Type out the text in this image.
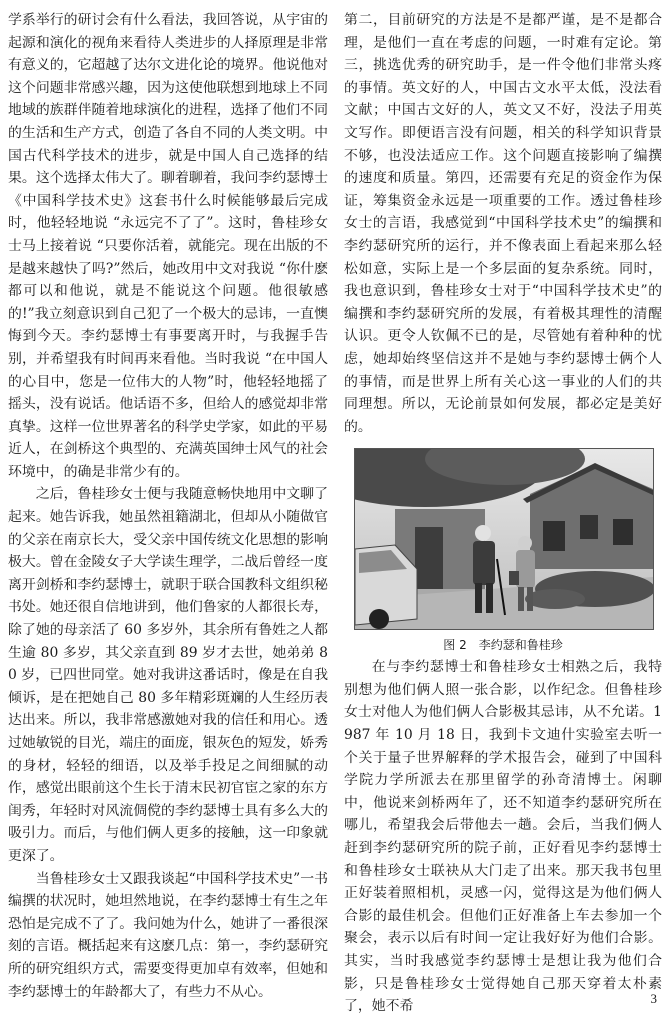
学系举行的研讨会有什么看法，我回答说，从宇宙的起源和演化的视角来看待人类进步的人择原理是非常有意义的，它超越了达尔文进化论的境界。他说他对这个问题非常感兴趣，因为这使他联想到地球上不同地域的族群伴随着地球演化的进程，选择了他们不同的生活和生产方式，创造了各自不同的人类文明。中国古代科学技术的进步，就是中国人自己选择的结果。这个选择太伟大了。聊着聊着，我问李约瑟博士《中国科学技术史》这套书什么时候能够最后完成时，他轻轻地说 “永远完不了了”。这时，鲁桂珍女士马上接着说 “只要你活着，就能完。现在出版的不是越来越快了吗?”然后，她改用中文对我说 “你什麽都可以和他说，就是不能说这个问题。他很敏感的!”我立刻意识到自己犯了一个极大的忌讳，一直懊悔到今天。李约瑟博士有事要离开时，与我握手告别，并希望我有时间再来看他。当时我说 “在中国人的心目中，您是一位伟大的人物”时，他轻轻地摇了摇头，没有说话。他话语不多，但给人的感觉却非常真挚。这样一位世界著名的科学史学家，如此的平易近人，在剑桥这个典型的、充满英国绅士风气的社会环境中，的确是非常少有的。

之后，鲁桂珍女士便与我随意畅快地用中文聊了起来。她告诉我，她虽然祖籍湖北，但却从小随做官的父亲在南京长大，受父亲中国传统文化思想的影响极大。曾在金陵女子大学读生理学，二战后曾经一度离开剑桥和李约瑟博士，就职于联合国教科文组织秘书处。她还很自信地讲到，他们鲁家的人都很长寿，除了她的母亲活了 60 多岁外，其余所有鲁姓之人都生逾 80 多岁，其父亲直到 89 岁才去世，她弟弟 80 岁，已四世同堂。她对我讲这番话时，像是在自我倾诉，是在把她自己 80 多年精彩斑斓的人生经历表达出来。所以，我非常感激她对我的信任和用心。透过她敏锐的目光，端庄的面庞，银灰色的短发，娇秀的身材，轻轻的细语，以及举手投足之间细腻的动作，感觉出眼前这个生长于清末民初官宦之家的东方闺秀，年轻时对风流倜傥的李约瑟博士具有多么大的吸引力。而后，与他们俩人更多的接触，这一印象就更深了。

当鲁桂珍女士又跟我谈起“中国科学技术史”一书编撰的状况时，她坦然地说，在李约瑟博士有生之年恐怕是完成不了了。我问她为什么，她讲了一番很深刻的言语。概括起来有这麽几点：第一，李约瑟研究所的研究组织方式，需要变得更加卓有效率，但她和李约瑟博士的年龄都大了，有些力不从心。

第二，目前研究的方法是不是都严谨，是不是都合理，是他们一直在考虑的问题，一时难有定论。第三，挑选优秀的研究助手，是一件令他们非常头疼的事情。英文好的人，中国古文水平太低，没法看文献；中国古文好的人，英文又不好，没法子用英文写作。即便语言没有问题，相关的科学知识背景不够，也没法适应工作。这个问题直接影响了编撰的速度和质量。第四，还需要有充足的资金作为保证，筹集资金永远是一项重要的工作。透过鲁桂珍女士的言语，我感觉到“中国科学技术史”的编撰和李约瑟研究所的运行，并不像表面上看起来那么轻松如意，实际上是一个多层面的复杂系统。同时，我也意识到，鲁桂珍女士对于“中国科学技术史”的编撰和李约瑟研究所的发展，有着极其理性的清醒认识。更令人钦佩不已的是，尽管她有着种种的忧虑，她却始终坚信这并不是她与李约瑟博士俩个人的事情，而是世界上所有关心这一事业的人们的共同理想。所以，无论前景如何发展，都必定是美好的。

图 2　李约瑟和鲁桂珍

在与李约瑟博士和鲁桂珍女士相熟之后，我特别想为他们俩人照一张合影，以作纪念。但鲁桂珍女士对他人为他们俩人合影极其忌讳，从不允诺。1987 年 10 月 18 日，我到卡文迪什实验室去听一个关于量子世界解释的学术报告会，碰到了中国科学院力学所派去在那里留学的孙奇清博士。闲聊中，他说来剑桥两年了，还不知道李约瑟研究所在哪儿，希望我会后带他去一趟。会后，当我们俩人赶到李约瑟研究所的院子前，正好看见李约瑟博士和鲁桂珍女士联袂从大门走了出来。那天我书包里正好装着照相机，灵感一闪，觉得这是为他们俩人合影的最佳机会。但他们正好准备上车去参加一个聚会，表示以后有时间一定让我好好为他们合影。其实，当时我感觉李约瑟博士是想让我为他们合影，只是鲁桂珍女士觉得她自己那天穿着太朴素了，她不希	3
